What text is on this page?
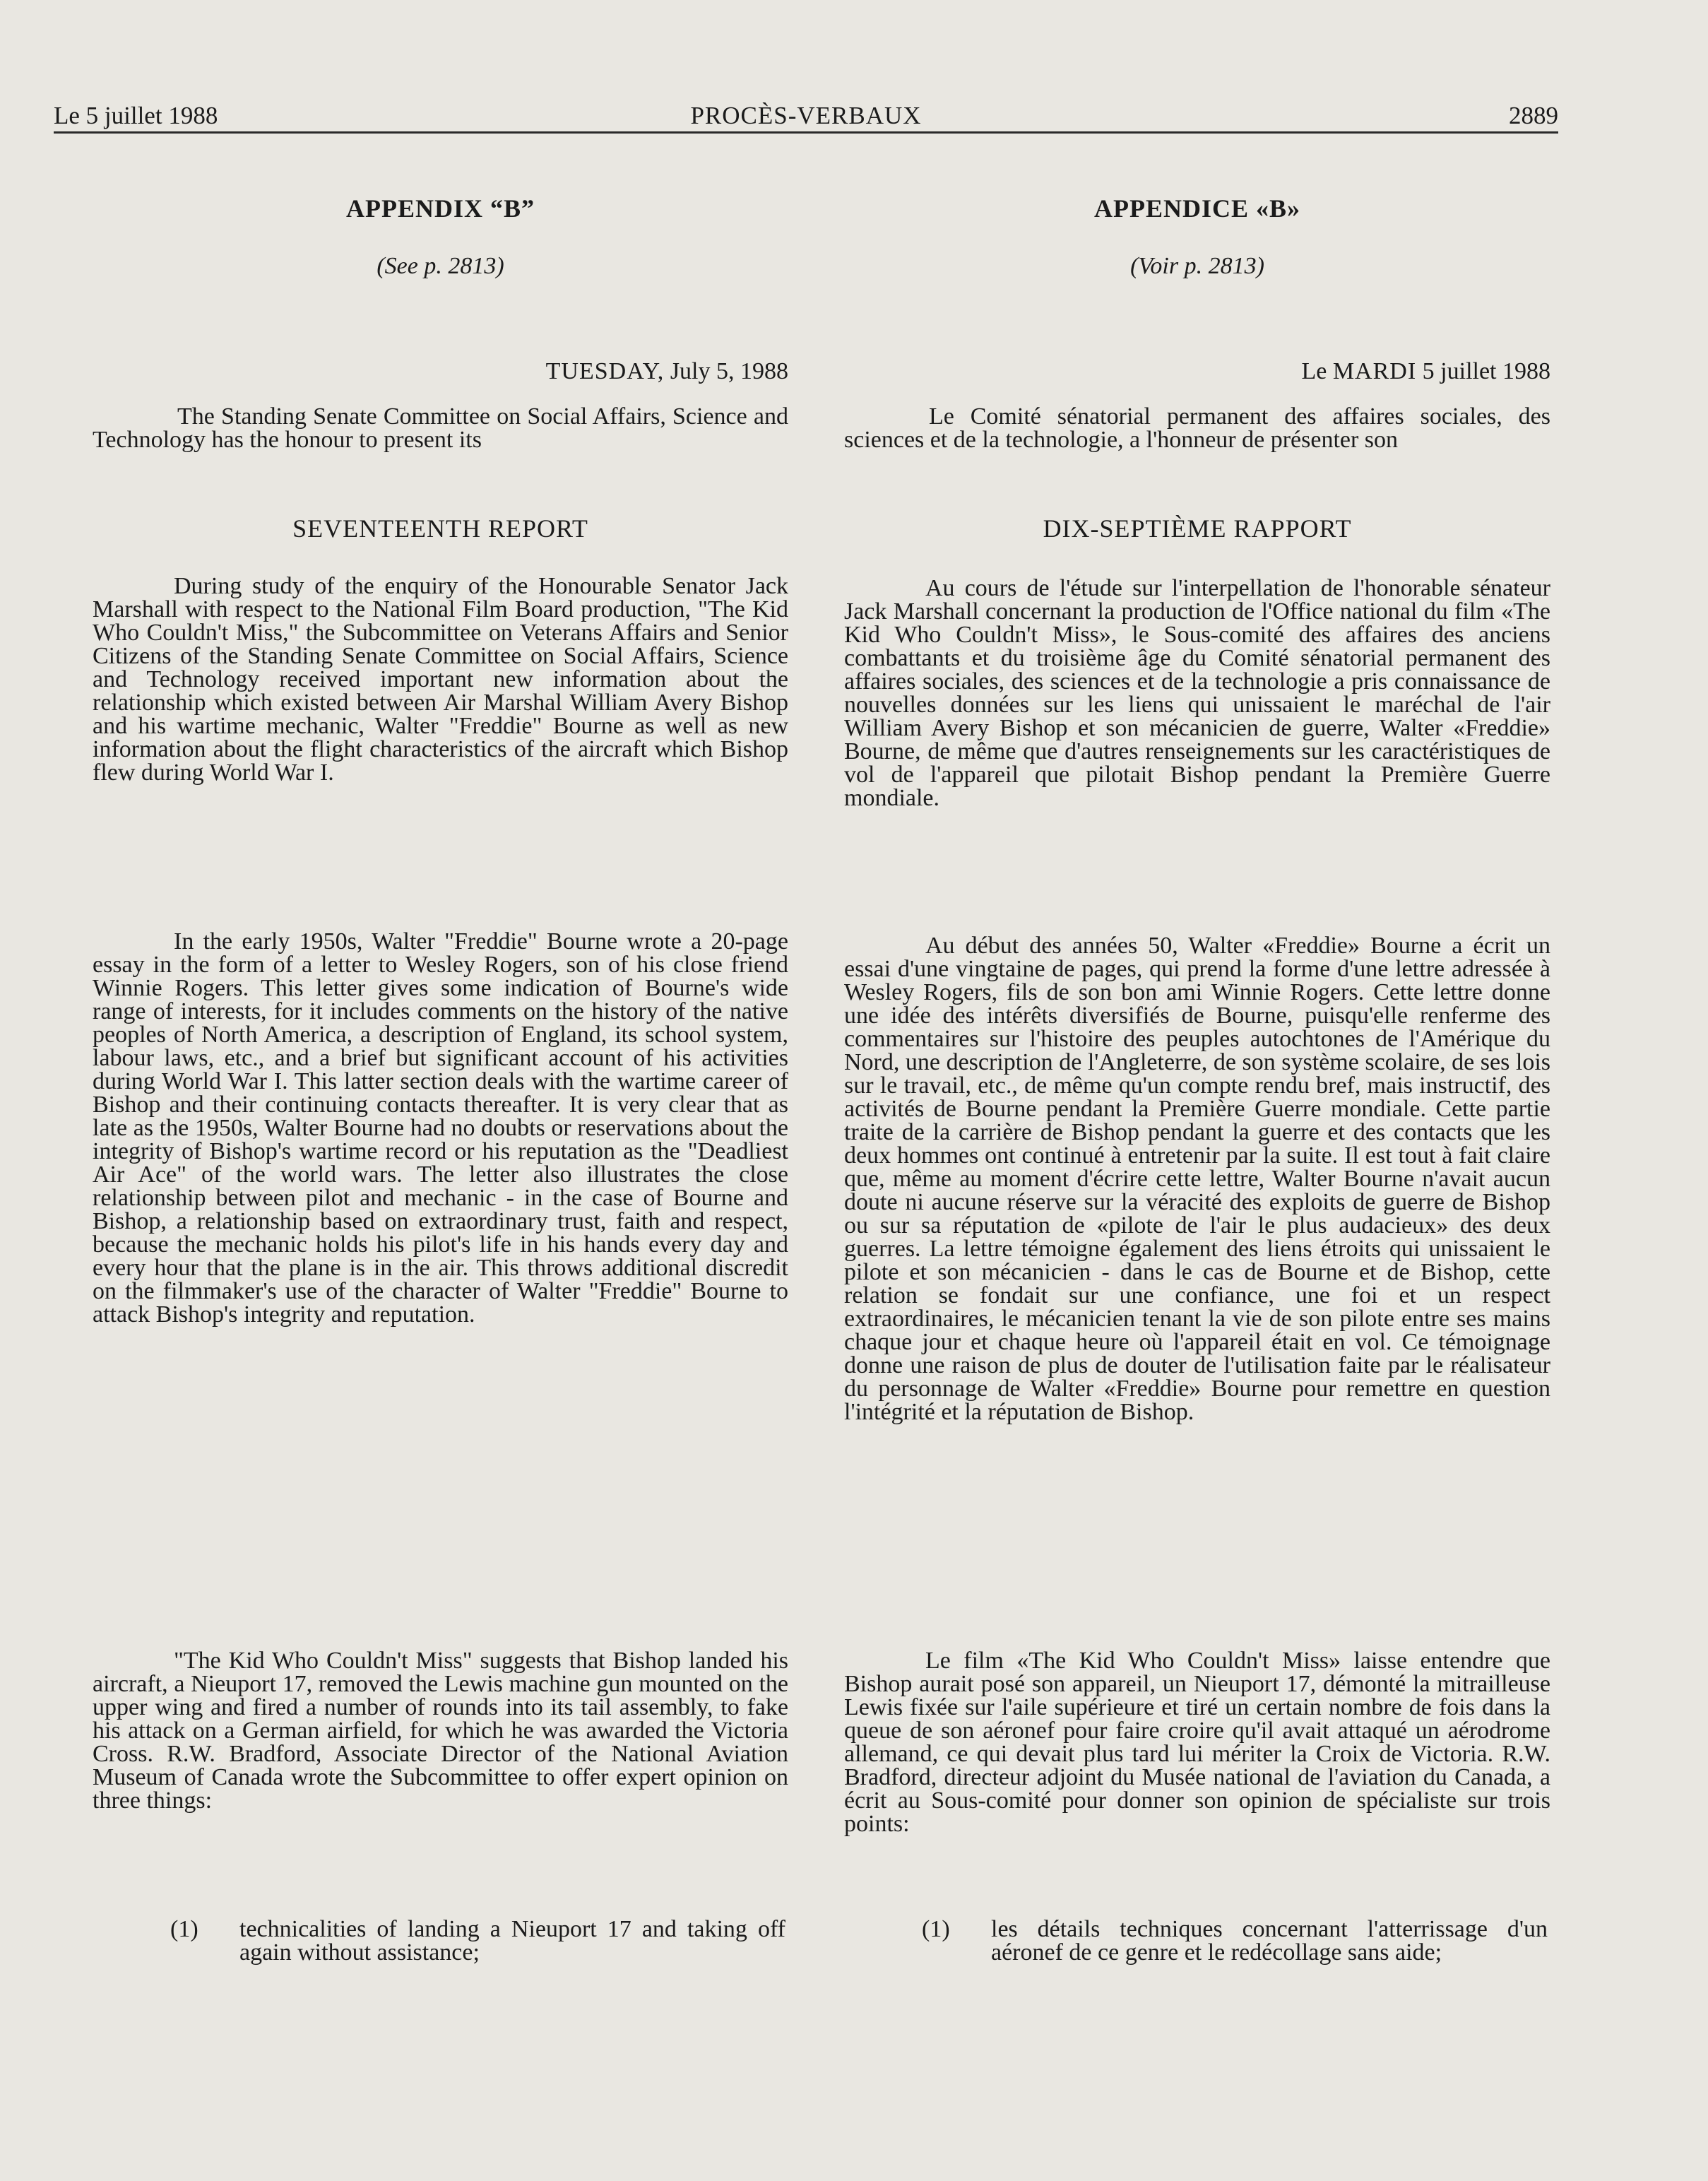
Le 5 juillet 1988	PROCÈS-VERBAUX	2889

APPENDIX “B”

(See p. 2813)

TUESDAY, July 5, 1988

The Standing Senate Committee on Social Affairs, Science and Technology has the honour to present its

SEVENTEENTH REPORT

During study of the enquiry of the Honourable Senator Jack Marshall with respect to the National Film Board production, "The Kid Who Couldn't Miss," the Subcommittee on Veterans Affairs and Senior Citizens of the Standing Senate Committee on Social Affairs, Science and Technology received important new information about the relationship which existed between Air Marshal William Avery Bishop and his wartime mechanic, Walter "Freddie" Bourne as well as new information about the flight characteristics of the aircraft which Bishop flew during World War I.

In the early 1950s, Walter "Freddie" Bourne wrote a 20-page essay in the form of a letter to Wesley Rogers, son of his close friend Winnie Rogers. This letter gives some indication of Bourne's wide range of interests, for it includes comments on the history of the native peoples of North America, a description of England, its school system, labour laws, etc., and a brief but significant account of his activities during World War I. This latter section deals with the wartime career of Bishop and their continuing contacts thereafter. It is very clear that as late as the 1950s, Walter Bourne had no doubts or reservations about the integrity of Bishop's wartime record or his reputation as the "Deadliest Air Ace" of the world wars. The letter also illustrates the close relationship between pilot and mechanic - in the case of Bourne and Bishop, a relationship based on extraordinary trust, faith and respect, because the mechanic holds his pilot's life in his hands every day and every hour that the plane is in the air. This throws additional discredit on the filmmaker's use of the character of Walter "Freddie" Bourne to attack Bishop's integrity and reputation.

"The Kid Who Couldn't Miss" suggests that Bishop landed his aircraft, a Nieuport 17, removed the Lewis machine gun mounted on the upper wing and fired a number of rounds into its tail assembly, to fake his attack on a German airfield, for which he was awarded the Victoria Cross. R.W. Bradford, Associate Director of the National Aviation Museum of Canada wrote the Subcommittee to offer expert opinion on three things:

(1) technicalities of landing a Nieuport 17 and taking off again without assistance;

APPENDICE «B»

(Voir p. 2813)

Le MARDI 5 juillet 1988

Le Comité sénatorial permanent des affaires sociales, des sciences et de la technologie, a l'honneur de présenter son

DIX-SEPTIÈME RAPPORT

Au cours de l'étude sur l'interpellation de l'honorable sénateur Jack Marshall concernant la production de l'Office national du film «The Kid Who Couldn't Miss», le Sous-comité des affaires des anciens combattants et du troisième âge du Comité sénatorial permanent des affaires sociales, des sciences et de la technologie a pris connaissance de nouvelles données sur les liens qui unissaient le maréchal de l'air William Avery Bishop et son mécanicien de guerre, Walter «Freddie» Bourne, de même que d'autres renseignements sur les caractéristiques de vol de l'appareil que pilotait Bishop pendant la Première Guerre mondiale.

Au début des années 50, Walter «Freddie» Bourne a écrit un essai d'une vingtaine de pages, qui prend la forme d'une lettre adressée à Wesley Rogers, fils de son bon ami Winnie Rogers. Cette lettre donne une idée des intérêts diversifiés de Bourne, puisqu'elle renferme des commentaires sur l'histoire des peuples autochtones de l'Amérique du Nord, une description de l'Angleterre, de son système scolaire, de ses lois sur le travail, etc., de même qu'un compte rendu bref, mais instructif, des activités de Bourne pendant la Première Guerre mondiale. Cette partie traite de la carrière de Bishop pendant la guerre et des contacts que les deux hommes ont continué à entretenir par la suite. Il est tout à fait claire que, même au moment d'écrire cette lettre, Walter Bourne n'avait aucun doute ni aucune réserve sur la véracité des exploits de guerre de Bishop ou sur sa réputation de «pilote de l'air le plus audacieux» des deux guerres. La lettre témoigne également des liens étroits qui unissaient le pilote et son mécanicien - dans le cas de Bourne et de Bishop, cette relation se fondait sur une confiance, une foi et un respect extraordinaires, le mécanicien tenant la vie de son pilote entre ses mains chaque jour et chaque heure où l'appareil était en vol. Ce témoignage donne une raison de plus de douter de l'utilisation faite par le réalisateur du personnage de Walter «Freddie» Bourne pour remettre en question l'intégrité et la réputation de Bishop.

Le film «The Kid Who Couldn't Miss» laisse entendre que Bishop aurait posé son appareil, un Nieuport 17, démonté la mitrailleuse Lewis fixée sur l'aile supérieure et tiré un certain nombre de fois dans la queue de son aéronef pour faire croire qu'il avait attaqué un aérodrome allemand, ce qui devait plus tard lui mériter la Croix de Victoria. R.W. Bradford, directeur adjoint du Musée national de l'aviation du Canada, a écrit au Sous-comité pour donner son opinion de spécialiste sur trois points:

(1) les détails techniques concernant l'atterrissage d'un aéronef de ce genre et le redécollage sans aide;
